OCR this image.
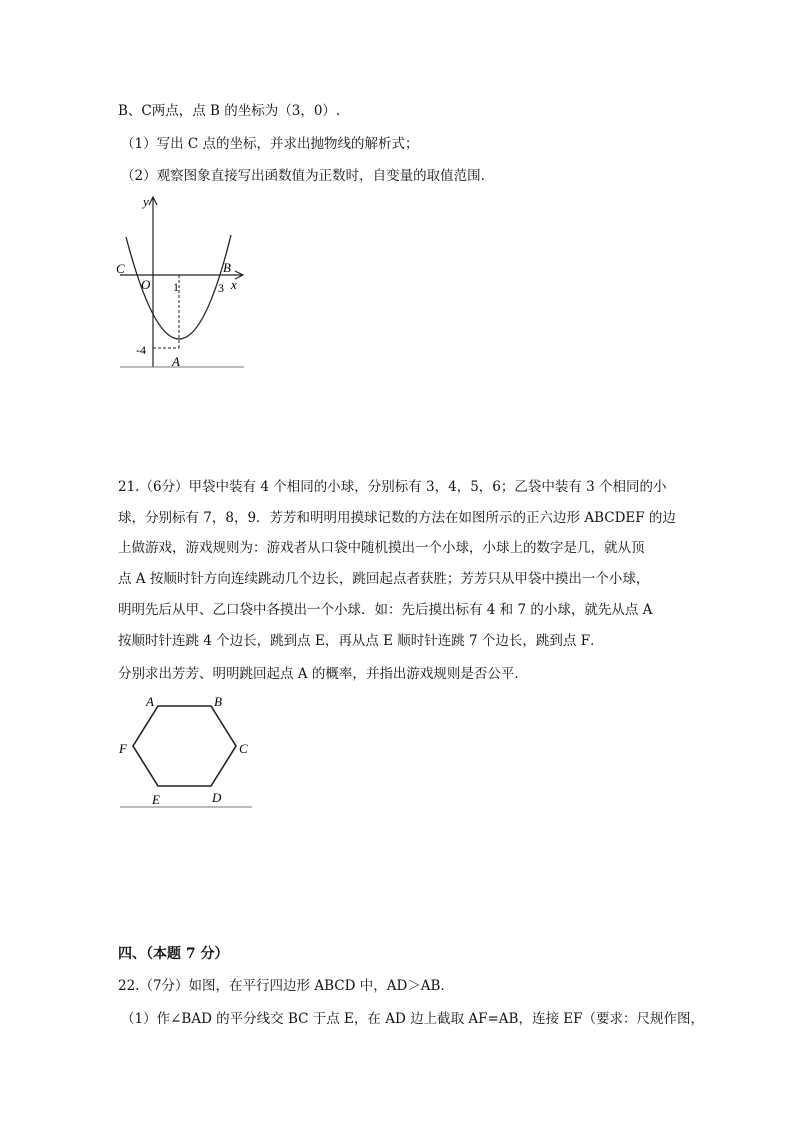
B、C两点，点 B 的坐标为（3，0）.
（1）写出 C 点的坐标，并求出抛物线的解析式；
（2）观察图象直接写出函数值为正数时，自变量的取值范围.
y
x
C	B
O 1	3
-4
A
21.（6分）甲袋中装有 4 个相同的小球，分别标有 3，4，5，6；乙袋中装有 3 个相同的小
球，分别标有 7，8，9．芳芳和明明用摸球记数的方法在如图所示的正六边形 ABCDEF 的边
上做游戏，游戏规则为：游戏者从口袋中随机摸出一个小球，小球上的数字是几，就从顶
点 A 按顺时针方向连续跳动几个边长，跳回起点者获胜；芳芳只从甲袋中摸出一个小球，
明明先后从甲、乙口袋中各摸出一个小球．如：先后摸出标有 4 和 7 的小球，就先从点 A
按顺时针连跳 4 个边长，跳到点 E，再从点 E 顺时针连跳 7 个边长，跳到点 F．
分别求出芳芳、明明跳回起点 A 的概率，并指出游戏规则是否公平．
A	B
C
D
E
F
四、（本题 7 分）
22.（7分）如图，在平行四边形 ABCD 中，AD＞AB．
（1）作∠BAD 的平分线交 BC 于点 E，在 AD 边上截取 AF=AB，连接 EF（要求：尺规作图，
